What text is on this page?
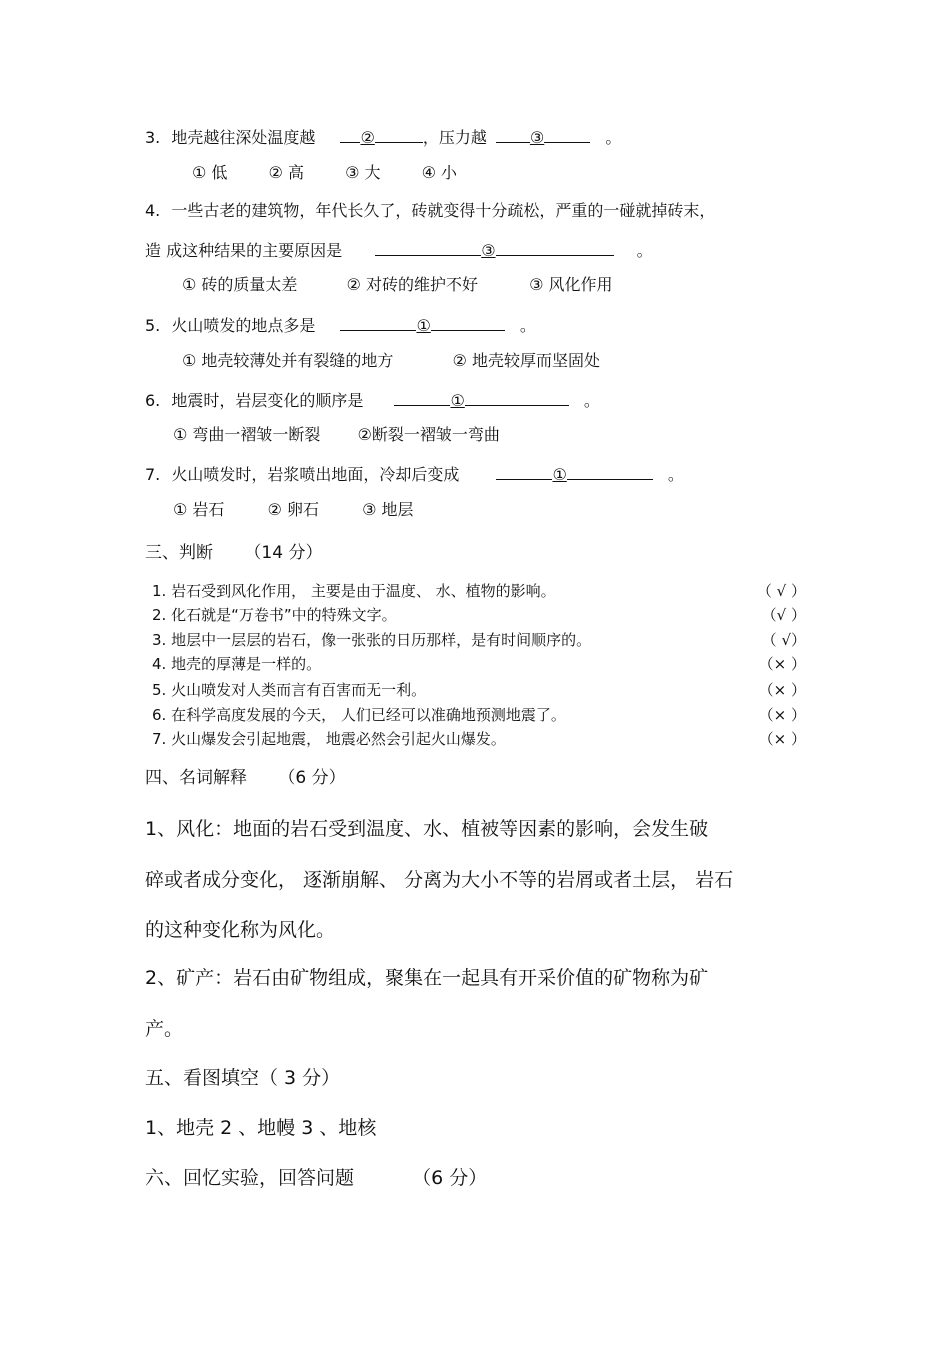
3. 地壳越往深处温度越	②	，压力越	③	。
① 低	② 高	③ 大	④ 小
4. 一些古老的建筑物，年代长久了，砖就变得十分疏松，严重的一碰就掉砖末，
造 成这种结果的主要原因是	③	。
① 砖的质量太差	② 对砖的维护不好	③ 风化作用
5. 火山喷发的地点多是	①	。
① 地壳较薄处并有裂缝的地方	② 地壳较厚而坚固处
6. 地震时，岩层变化的顺序是	①	。
① 弯曲一褶皱一断裂 ②断裂一褶皱一弯曲
7. 火山喷发时，岩浆喷出地面，冷却后变成	①	。
① 岩石	② 卵石	③ 地层
三、判断 （14 分）
1. 岩石受到风化作用， 主要是由于温度、 水、植物的影响。	（ √ ）
2. 化石就是“万卷书”中的特殊文字。	（√ ）
3. 地层中一层层的岩石，像一张张的日历那样，是有时间顺序的。	（ √）
4. 地壳的厚薄是一样的。	（× ）
5. 火山喷发对人类而言有百害而无一利。	（× ）
6. 在科学高度发展的今天， 人们已经可以准确地预测地震了。	（× ）
7. 火山爆发会引起地震， 地震必然会引起火山爆发。	（× ）
四、名词解释 （6 分）
1、风化：地面的岩石受到温度、水、植被等因素的影响，会发生破
碎或者成分变化， 逐渐崩解、 分离为大小不等的岩屑或者土层， 岩石
的这种变化称为风化。
2、矿产：岩石由矿物组成，聚集在一起具有开采价值的矿物称为矿
产。
五、看图填空（ 3 分）
1、地壳 2 、地幔 3 、地核
六、回忆实验，回答问题	（6 分）
